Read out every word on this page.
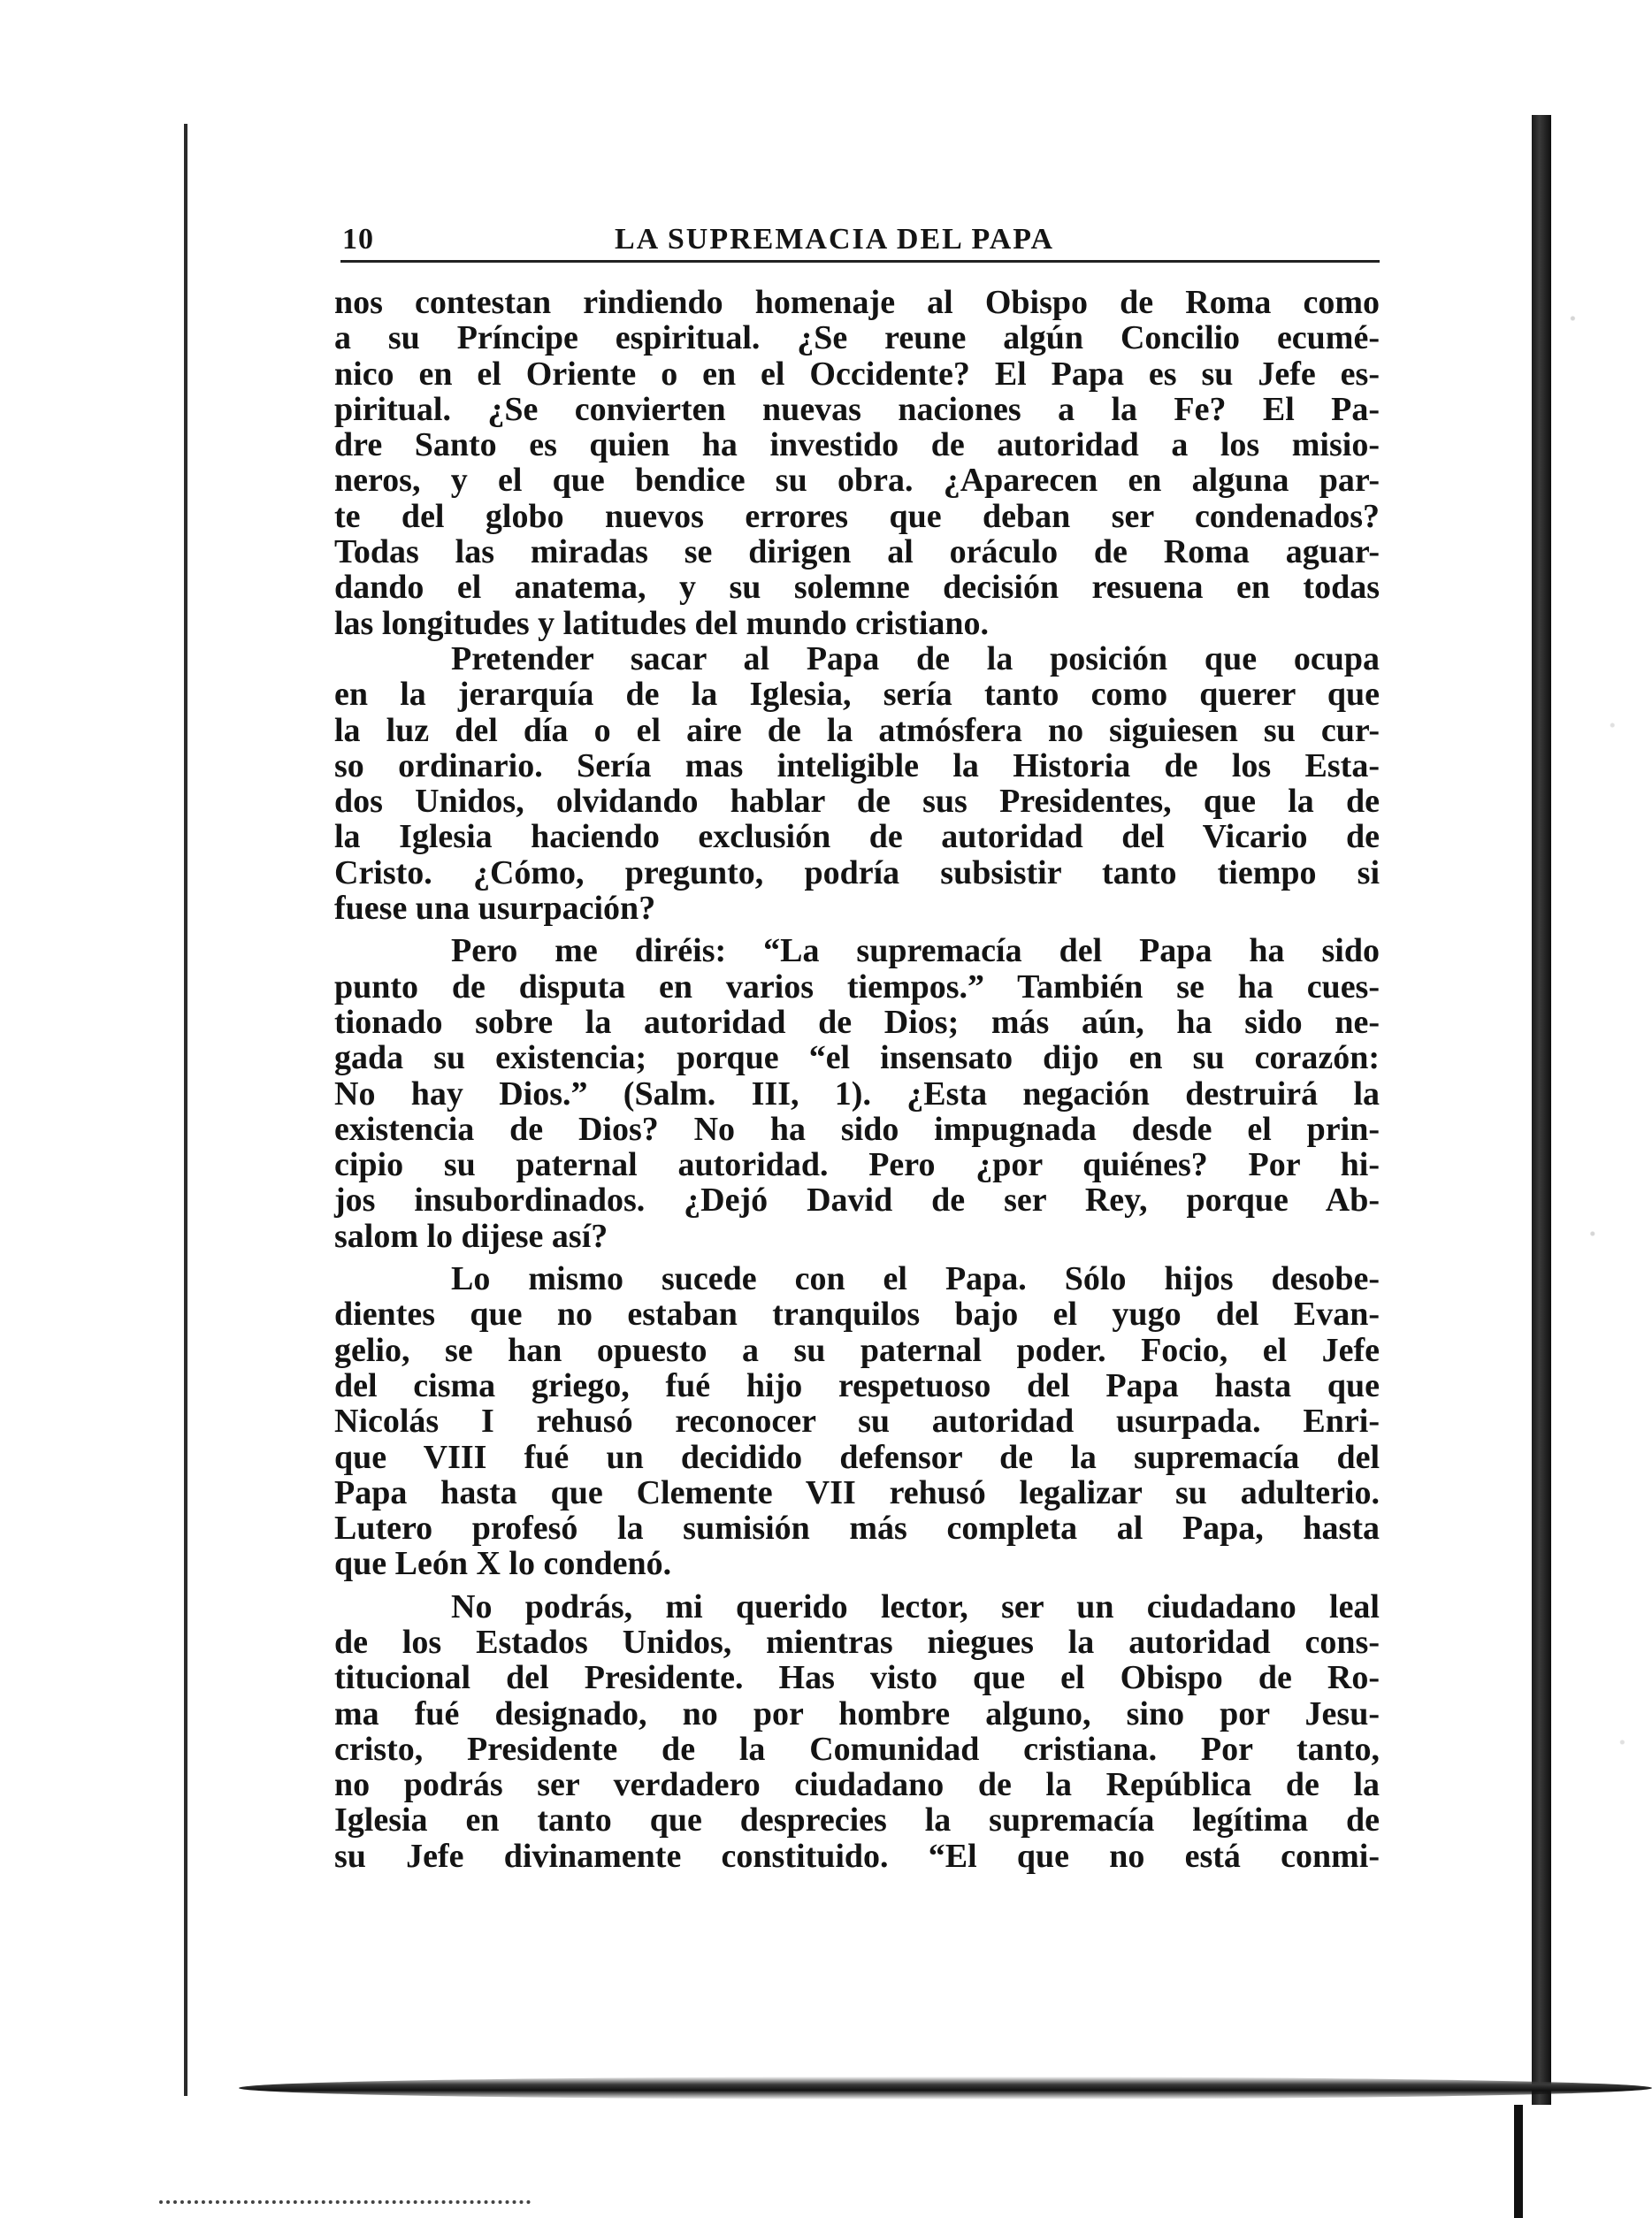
10	LA SUPREMACIA DEL PAPA
nos contestan rindiendo homenaje al Obispo de Roma como
a su Príncipe espiritual. ¿Se reune algún Concilio ecumé-
nico en el Oriente o en el Occidente? El Papa es su Jefe es-
piritual. ¿Se convierten nuevas naciones a la Fe? El Pa-
dre Santo es quien ha investido de autoridad a los misio-
neros, y el que bendice su obra. ¿Aparecen en alguna par-
te del globo nuevos errores que deban ser condenados?
Todas las miradas se dirigen al oráculo de Roma aguar-
dando el anatema, y su solemne decisión resuena en todas
las longitudes y latitudes del mundo cristiano.
Pretender sacar al Papa de la posición que ocupa
en la jerarquía de la Iglesia, sería tanto como querer que
la luz del día o el aire de la atmósfera no siguiesen su cur-
so ordinario. Sería mas inteligible la Historia de los Esta-
dos Unidos, olvidando hablar de sus Presidentes, que la de
la Iglesia haciendo exclusión de autoridad del Vicario de
Cristo. ¿Cómo, pregunto, podría subsistir tanto tiempo si
fuese una usurpación?
Pero me diréis: “La supremacía del Papa ha sido
punto de disputa en varios tiempos.” También se ha cues-
tionado sobre la autoridad de Dios; más aún, ha sido ne-
gada su existencia; porque “el insensato dijo en su corazón:
No hay Dios.” (Salm. III, 1). ¿Esta negación destruirá la
existencia de Dios? No ha sido impugnada desde el prin-
cipio su paternal autoridad. Pero ¿por quiénes? Por hi-
jos insubordinados. ¿Dejó David de ser Rey, porque Ab-
salom lo dijese así?
Lo mismo sucede con el Papa. Sólo hijos desobe-
dientes que no estaban tranquilos bajo el yugo del Evan-
gelio, se han opuesto a su paternal poder. Focio, el Jefe
del cisma griego, fué hijo respetuoso del Papa hasta que
Nicolás I rehusó reconocer su autoridad usurpada. Enri-
que VIII fué un decidido defensor de la supremacía del
Papa hasta que Clemente VII rehusó legalizar su adulterio.
Lutero profesó la sumisión más completa al Papa, hasta
que León X lo condenó.
No podrás, mi querido lector, ser un ciudadano leal
de los Estados Unidos, mientras niegues la autoridad cons-
titucional del Presidente. Has visto que el Obispo de Ro-
ma fué designado, no por hombre alguno, sino por Jesu-
cristo, Presidente de la Comunidad cristiana. Por tanto,
no podrás ser verdadero ciudadano de la República de la
Iglesia en tanto que desprecies la supremacía legítima de
su Jefe divinamente constituido. “El que no está conmi-
